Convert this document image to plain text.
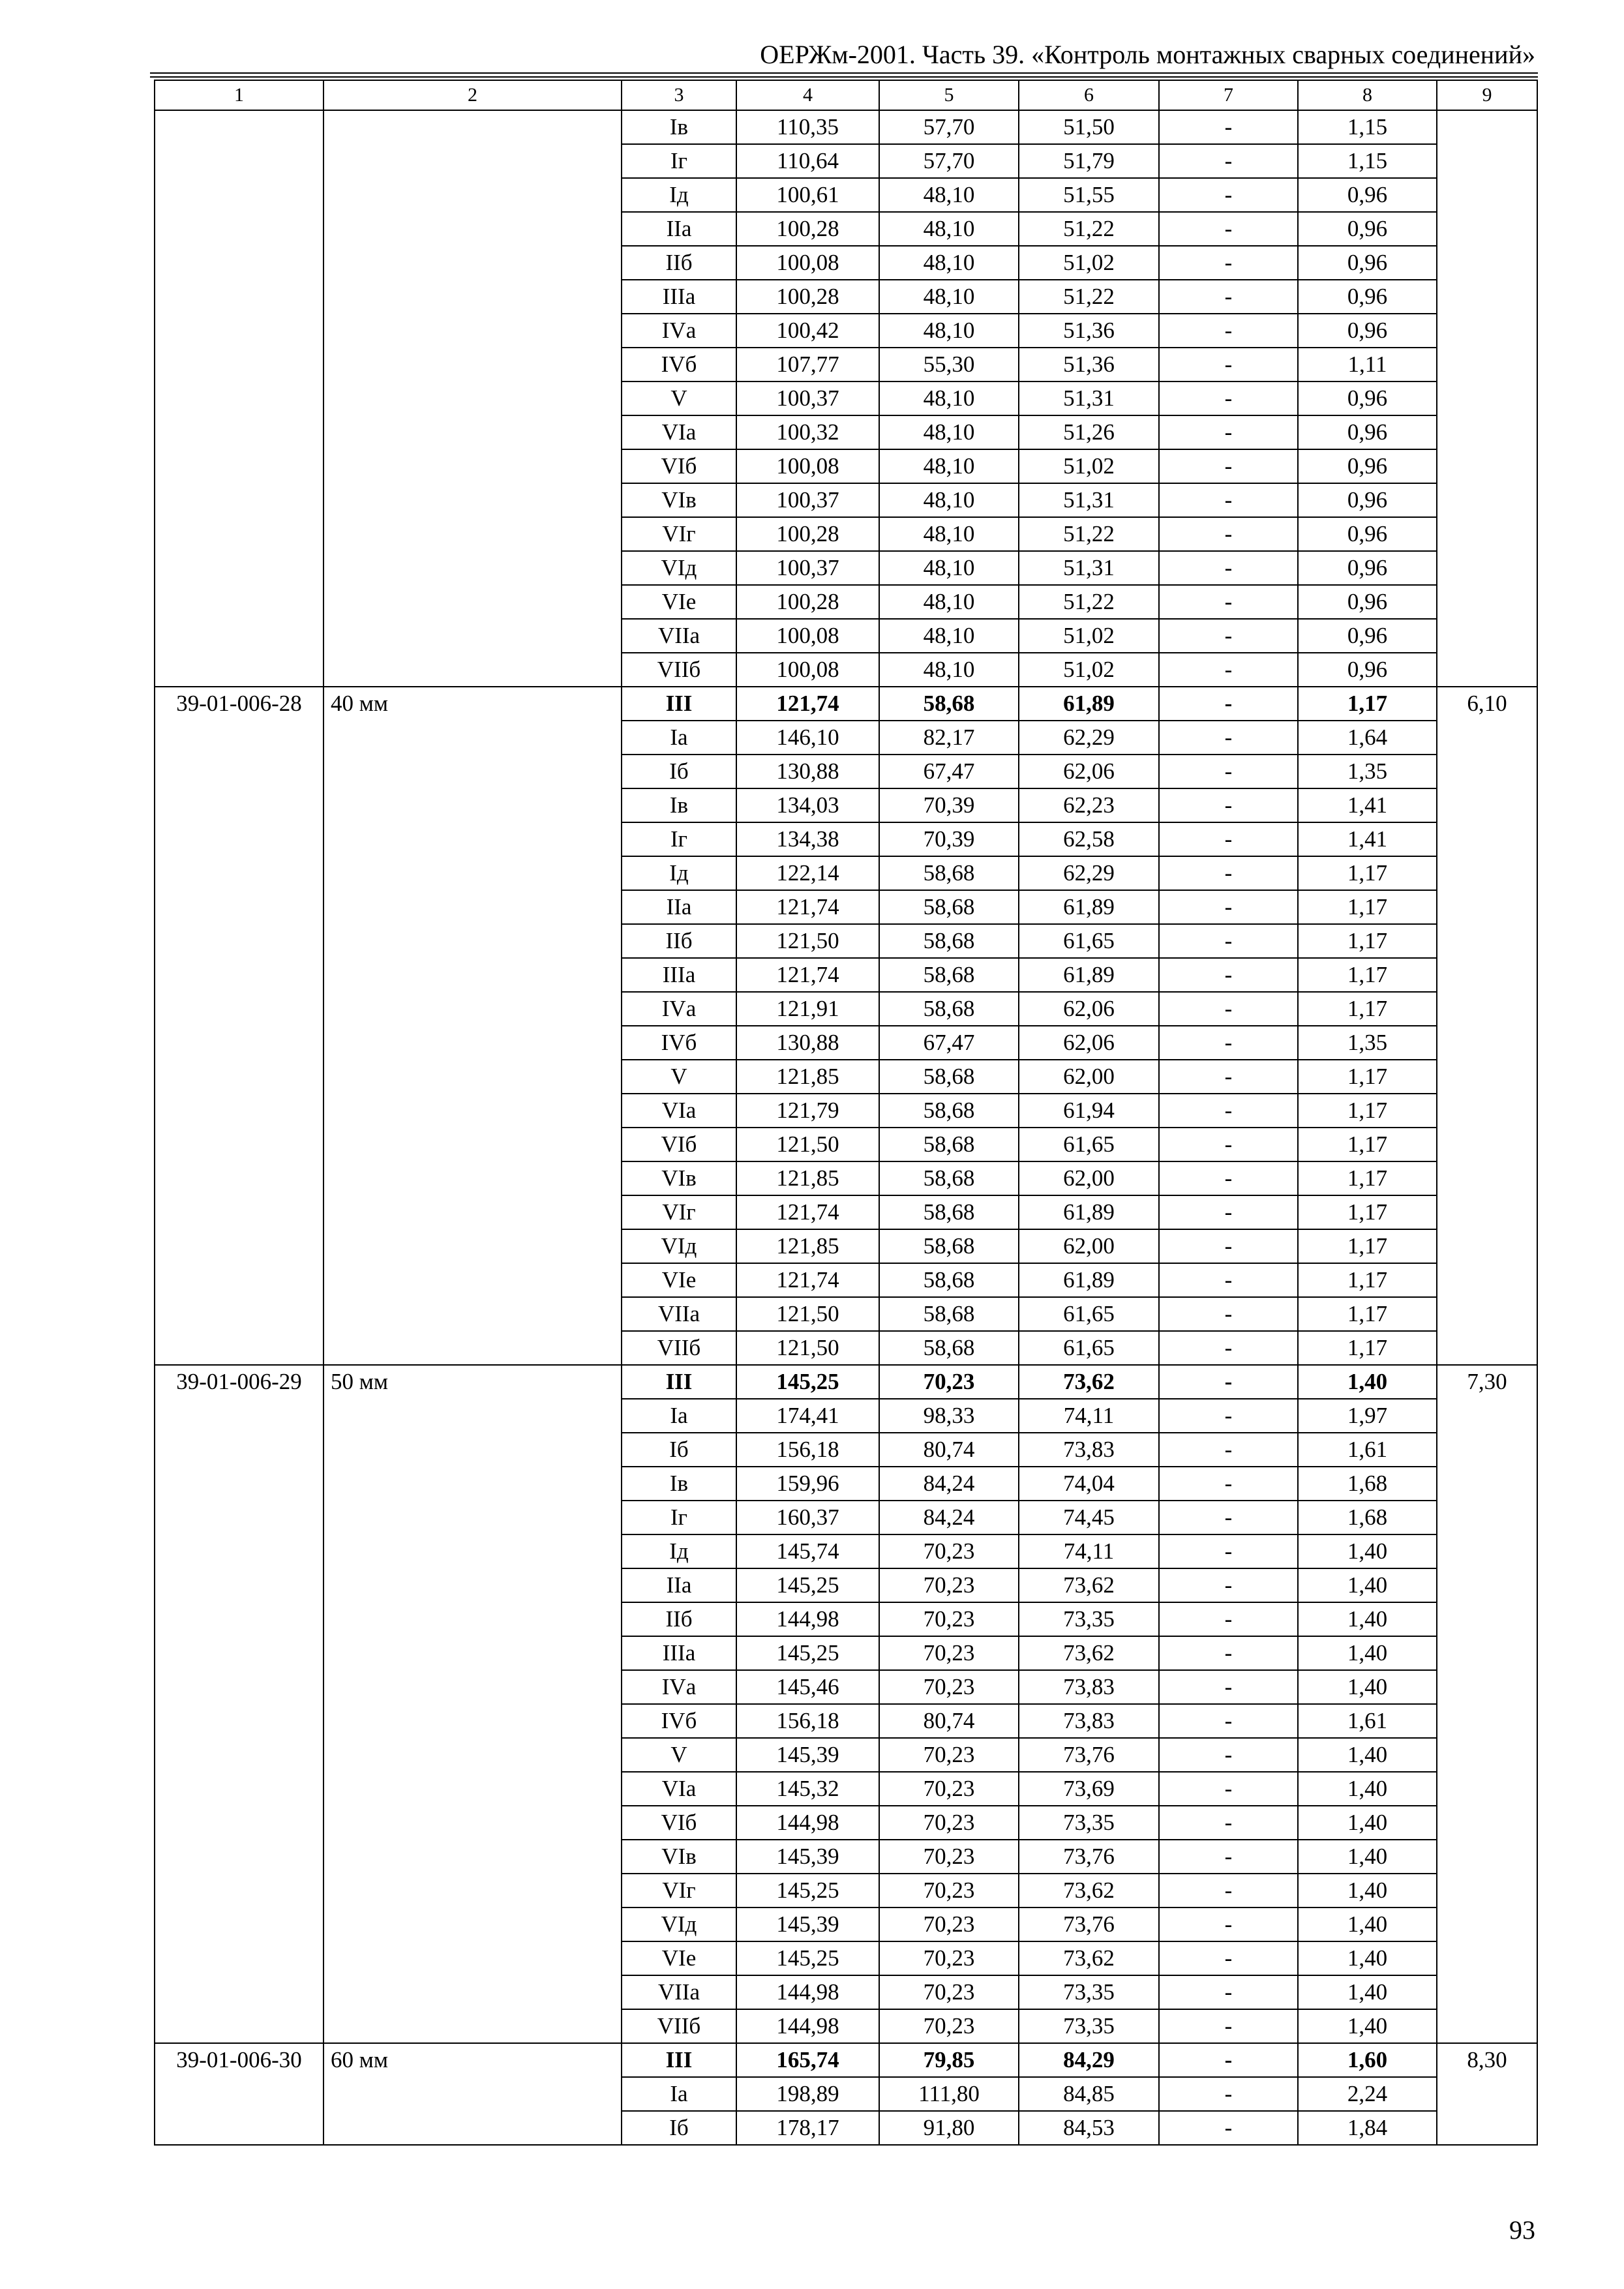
ОЕРЖм-2001. Часть 39. «Контроль монтажных сварных соединений»
1	2	3	4	5	6	7	8	9
		Iв	110,35	57,70	51,50	-	1,15	
		Iг	110,64	57,70	51,79	-	1,15	
		Iд	100,61	48,10	51,55	-	0,96	
		IIа	100,28	48,10	51,22	-	0,96	
		IIб	100,08	48,10	51,02	-	0,96	
		IIIа	100,28	48,10	51,22	-	0,96	
		IVа	100,42	48,10	51,36	-	0,96	
		IVб	107,77	55,30	51,36	-	1,11	
		V	100,37	48,10	51,31	-	0,96	
		VIа	100,32	48,10	51,26	-	0,96	
		VIб	100,08	48,10	51,02	-	0,96	
		VIв	100,37	48,10	51,31	-	0,96	
		VIг	100,28	48,10	51,22	-	0,96	
		VIд	100,37	48,10	51,31	-	0,96	
		VIе	100,28	48,10	51,22	-	0,96	
		VIIа	100,08	48,10	51,02	-	0,96	
		VIIб	100,08	48,10	51,02	-	0,96	
39-01-006-28	40 мм	III	121,74	58,68	61,89	-	1,17	6,10
		Iа	146,10	82,17	62,29	-	1,64	
		Iб	130,88	67,47	62,06	-	1,35	
		Iв	134,03	70,39	62,23	-	1,41	
		Iг	134,38	70,39	62,58	-	1,41	
		Iд	122,14	58,68	62,29	-	1,17	
		IIа	121,74	58,68	61,89	-	1,17	
		IIб	121,50	58,68	61,65	-	1,17	
		IIIа	121,74	58,68	61,89	-	1,17	
		IVа	121,91	58,68	62,06	-	1,17	
		IVб	130,88	67,47	62,06	-	1,35	
		V	121,85	58,68	62,00	-	1,17	
		VIа	121,79	58,68	61,94	-	1,17	
		VIб	121,50	58,68	61,65	-	1,17	
		VIв	121,85	58,68	62,00	-	1,17	
		VIг	121,74	58,68	61,89	-	1,17	
		VIд	121,85	58,68	62,00	-	1,17	
		VIе	121,74	58,68	61,89	-	1,17	
		VIIа	121,50	58,68	61,65	-	1,17	
		VIIб	121,50	58,68	61,65	-	1,17	
39-01-006-29	50 мм	III	145,25	70,23	73,62	-	1,40	7,30
		Iа	174,41	98,33	74,11	-	1,97	
		Iб	156,18	80,74	73,83	-	1,61	
		Iв	159,96	84,24	74,04	-	1,68	
		Iг	160,37	84,24	74,45	-	1,68	
		Iд	145,74	70,23	74,11	-	1,40	
		IIа	145,25	70,23	73,62	-	1,40	
		IIб	144,98	70,23	73,35	-	1,40	
		IIIа	145,25	70,23	73,62	-	1,40	
		IVа	145,46	70,23	73,83	-	1,40	
		IVб	156,18	80,74	73,83	-	1,61	
		V	145,39	70,23	73,76	-	1,40	
		VIа	145,32	70,23	73,69	-	1,40	
		VIб	144,98	70,23	73,35	-	1,40	
		VIв	145,39	70,23	73,76	-	1,40	
		VIг	145,25	70,23	73,62	-	1,40	
		VIд	145,39	70,23	73,76	-	1,40	
		VIе	145,25	70,23	73,62	-	1,40	
		VIIа	144,98	70,23	73,35	-	1,40	
		VIIб	144,98	70,23	73,35	-	1,40	
39-01-006-30	60 мм	III	165,74	79,85	84,29	-	1,60	8,30
		Iа	198,89	111,80	84,85	-	2,24	
		Iб	178,17	91,80	84,53	-	1,84	
93
